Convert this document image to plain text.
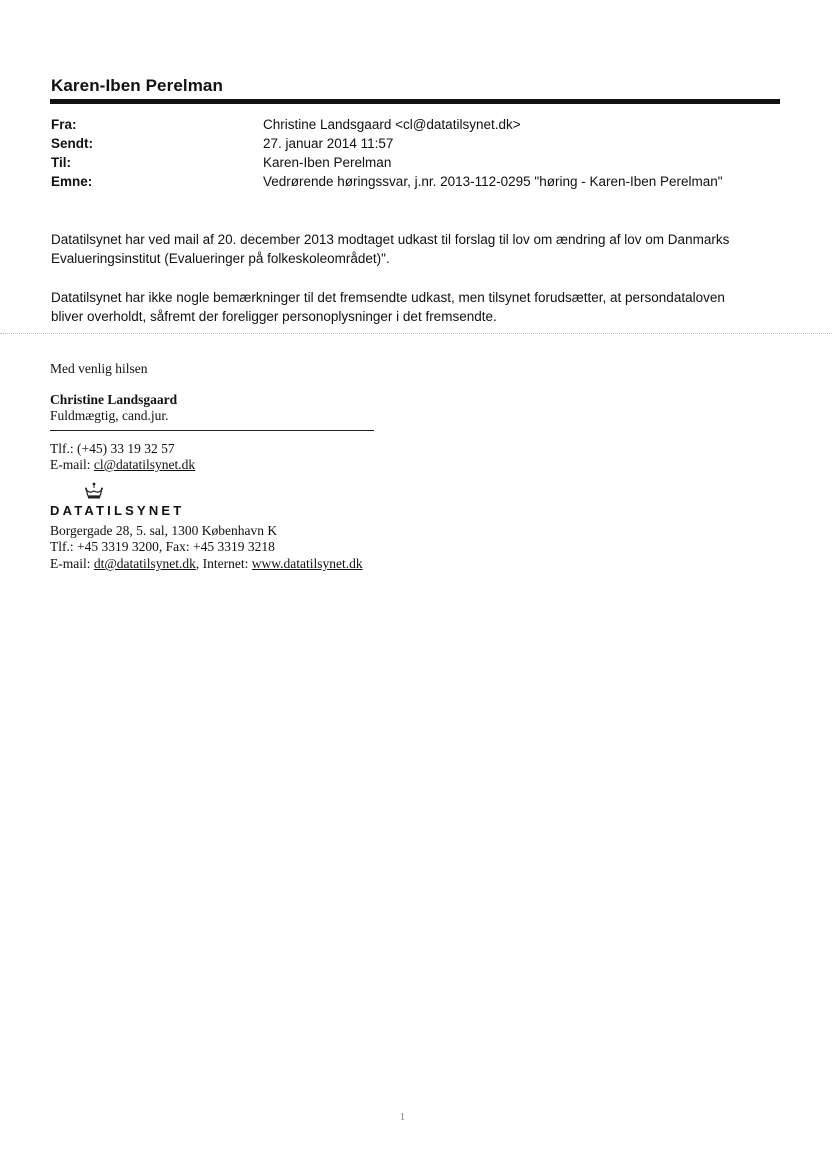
Karen-Iben Perelman
Fra:	Christine Landsgaard <cl@datatilsynet.dk>
Sendt:	27. januar 2014 11:57
Til:	Karen-Iben Perelman
Emne:	Vedrørende høringssvar, j.nr. 2013-112-0295 "høring - Karen-Iben Perelman"
Datatilsynet har ved mail af 20. december 2013 modtaget udkast til forslag til lov om ændring af lov om Danmarks
Evalueringsinstitut (Evalueringer på folkeskoleområdet)".
Datatilsynet har ikke nogle bemærkninger til det fremsendte udkast, men tilsynet forudsætter, at persondataloven
bliver overholdt, såfremt der foreligger personoplysninger i det fremsendte.
Med venlig hilsen
Christine Landsgaard
Fuldmægtig, cand.jur.
Tlf.: (+45) 33 19 32 57
E-mail: cl@datatilsynet.dk
DATATILSYNET
Borgergade 28, 5. sal, 1300 København K
Tlf.: +45 3319 3200, Fax: +45 3319 3218
E-mail: dt@datatilsynet.dk, Internet: www.datatilsynet.dk
1
